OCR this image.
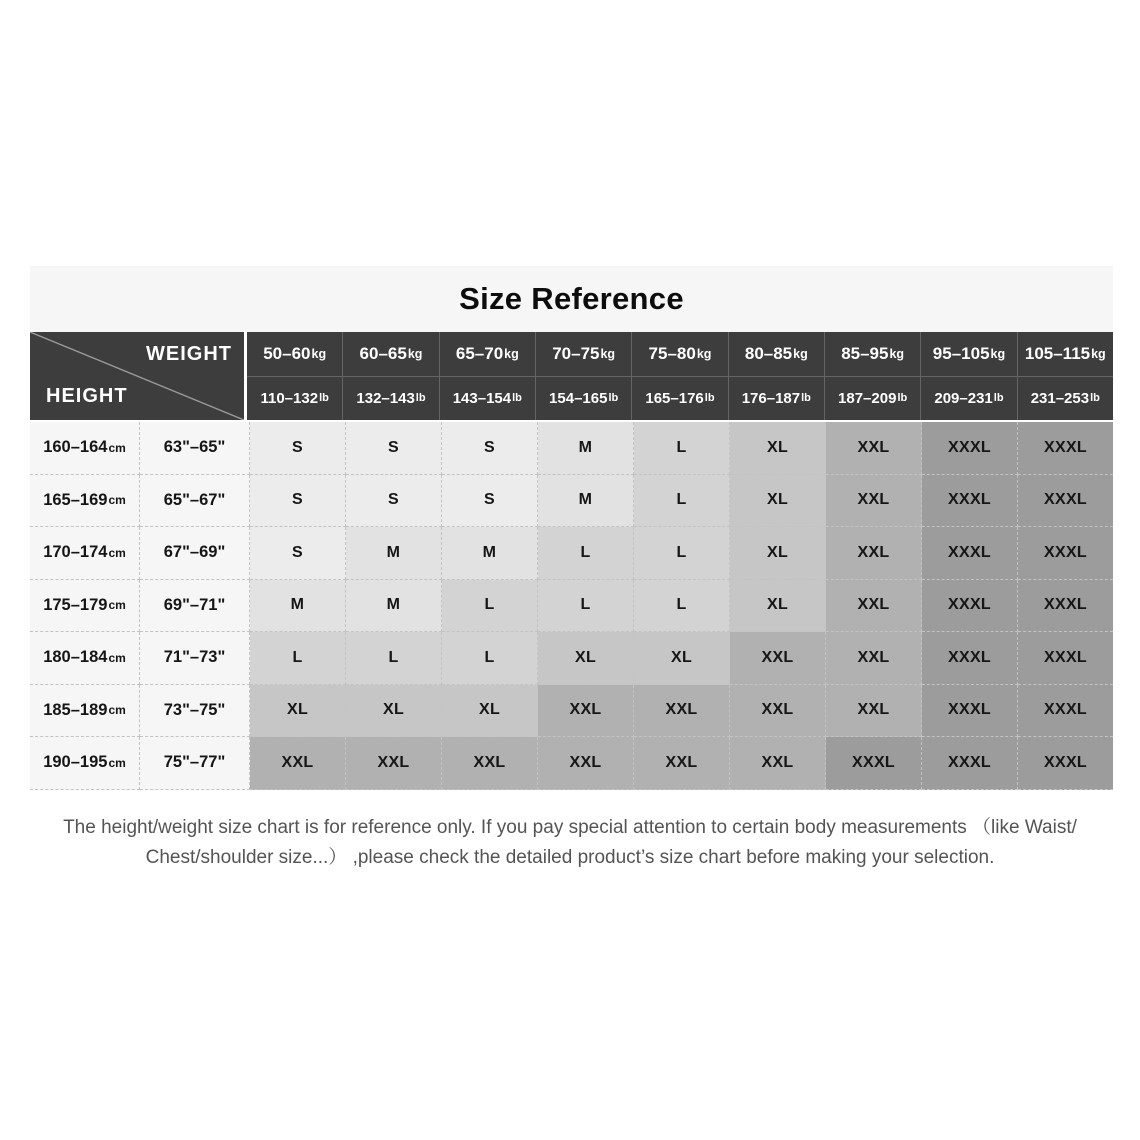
Size Reference
WEIGHT
HEIGHT
50–60 kg 60–65 kg 65–70 kg 70–75 kg 75–80 kg 80–85 kg 85–95 kg 95–105 kg 105–115 kg
110–132 lb 132–143 lb 143–154 lb 154–165 lb 165–176 lb 176–187 lb 187–209 lb 209–231 lb 231–253 lb
160–164 cm	63"–65"	S	S	S	M	L	XL	XXL	XXXL	XXXL
165–169 cm	65"–67"	S	S	S	M	L	XL	XXL	XXXL	XXXL
170–174 cm	67"–69"	S	M	M	L	L	XL	XXL	XXXL	XXXL
175–179 cm	69"–71"	M	M	L	L	L	XL	XXL	XXXL	XXXL
180–184 cm	71"–73"	L	L	L	XL	XL	XXL	XXL	XXXL	XXXL
185–189 cm	73"–75"	XL	XL	XL	XXL	XXL	XXL	XXL	XXXL	XXXL
190–195 cm	75"–77"	XXL	XXL	XXL	XXL	XXL	XXL	XXXL	XXXL	XXXL
The height/weight size chart is for reference only. If you pay special attention to certain body measurements （like Waist/
Chest/shoulder size...） ,please check the detailed product’s size chart before making your selection.
